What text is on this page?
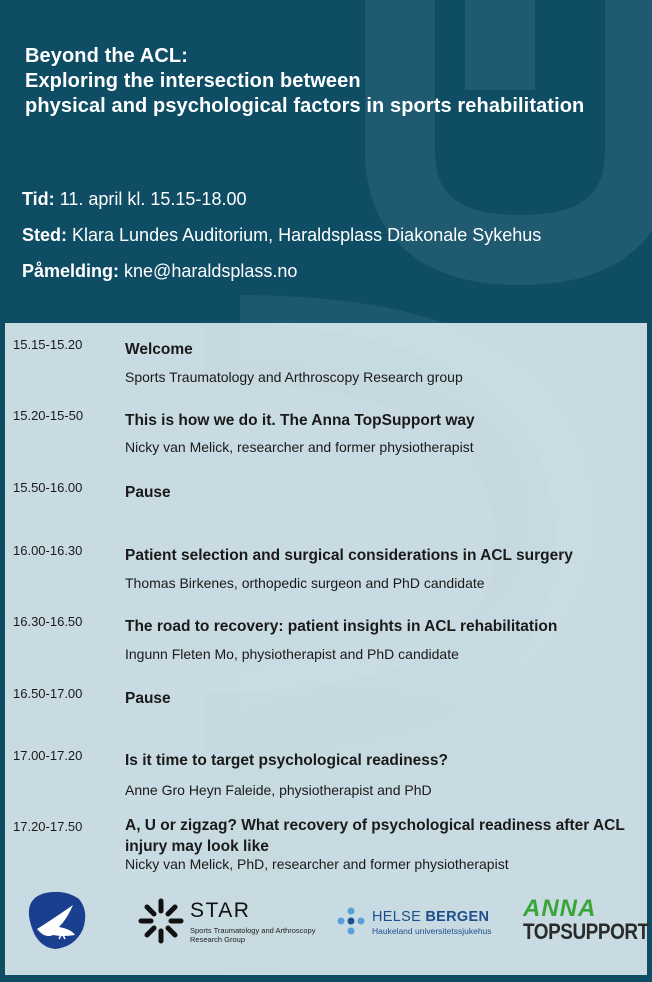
Beyond the ACL:
Exploring the intersection between
physical and psychological factors in sports rehabilitation
Tid: 11. april kl. 15.15-18.00
Sted: Klara Lundes Auditorium, Haraldsplass Diakonale Sykehus
Påmelding: kne@haraldsplass.no
15.15-15.20	Welcome
Sports Traumatology and Arthroscopy Research group
15.20-15-50	This is how we do it. The Anna TopSupport way
Nicky van Melick, researcher and former physiotherapist
15.50-16.00	Pause
16.00-16.30	Patient selection and surgical considerations in ACL surgery
Thomas Birkenes, orthopedic surgeon and PhD candidate
16.30-16.50	The road to recovery: patient insights in ACL rehabilitation
Ingunn Fleten Mo, physiotherapist and PhD candidate
16.50-17.00	Pause
17.00-17.20	Is it time to target psychological readiness?
Anne Gro Heyn Faleide, physiotherapist and PhD
17.20-17.50	A, U or zigzag? What recovery of psychological readiness after ACL injury may look like
Nicky van Melick, PhD, researcher and former physiotherapist
STAR
Sports Traumatology and Arthroscopy Research Group
HELSE BERGEN
Haukeland universitetssjukehus
ANNA
TOPSUPPORT
